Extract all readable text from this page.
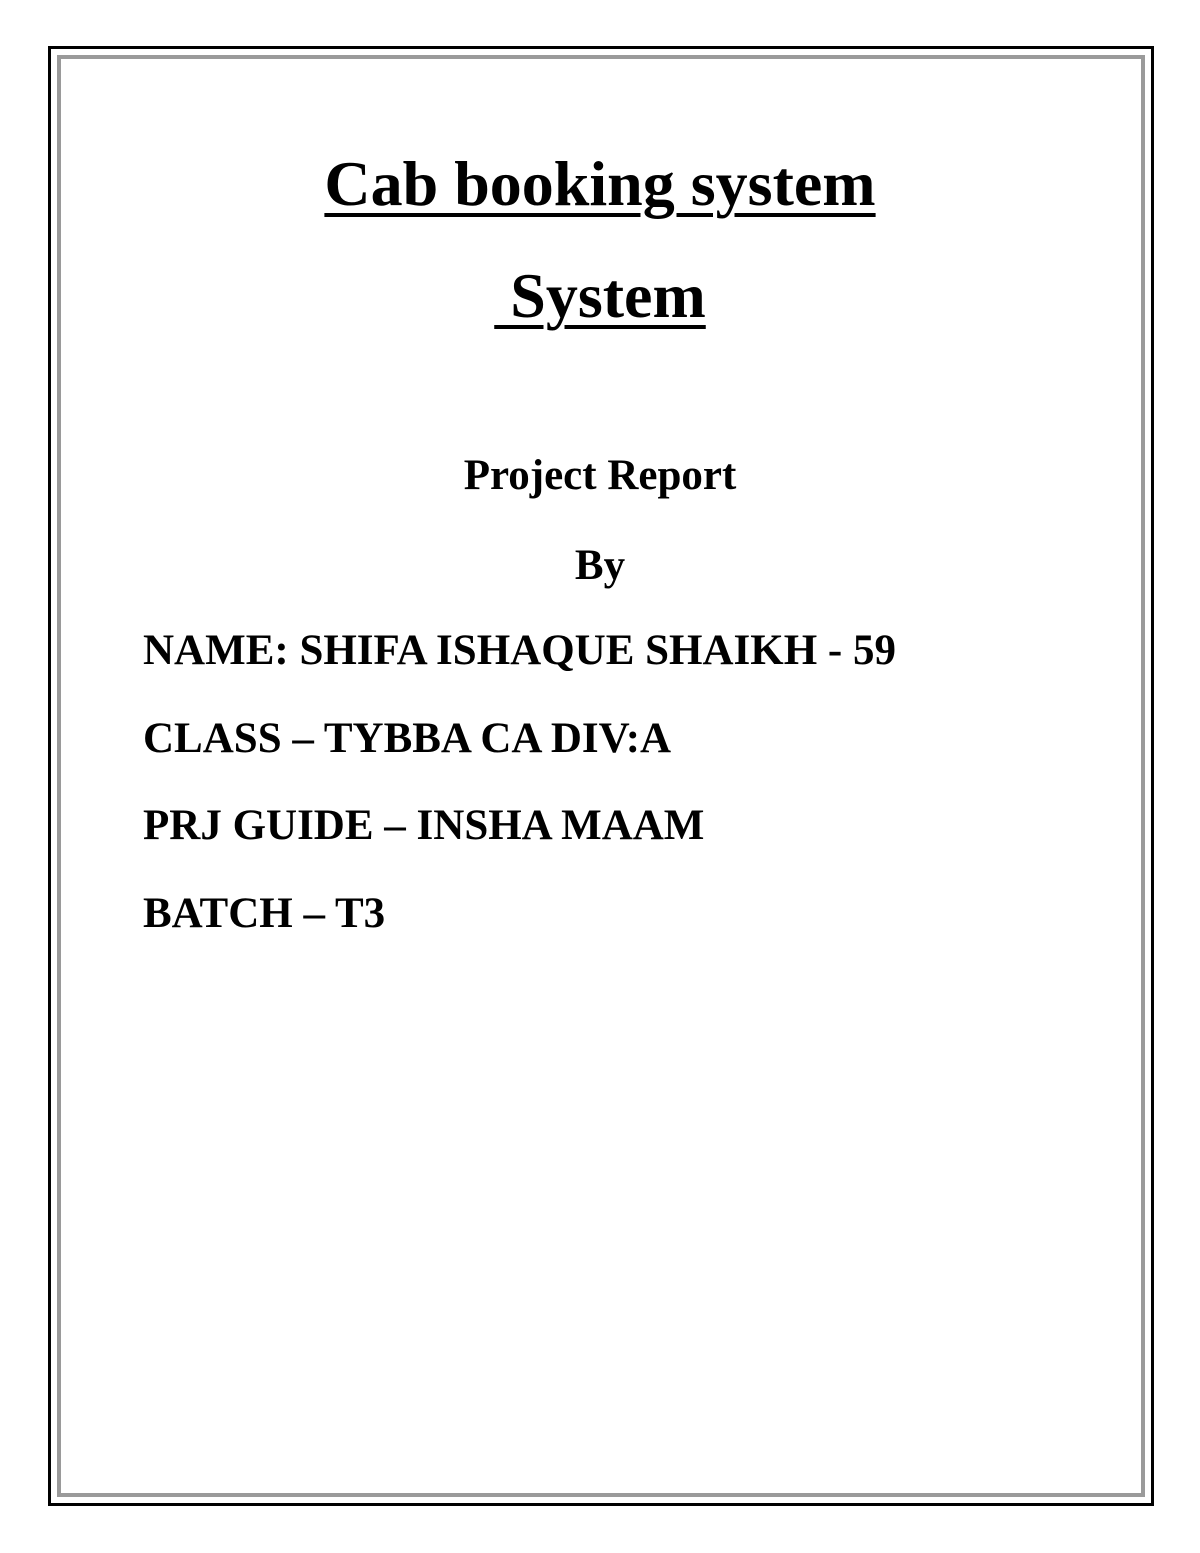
Cab booking system
System

Project Report

By

NAME: SHIFA ISHAQUE SHAIKH - 59

CLASS – TYBBA CA DIV:A

PRJ GUIDE – INSHA MAAM

BATCH – T3
